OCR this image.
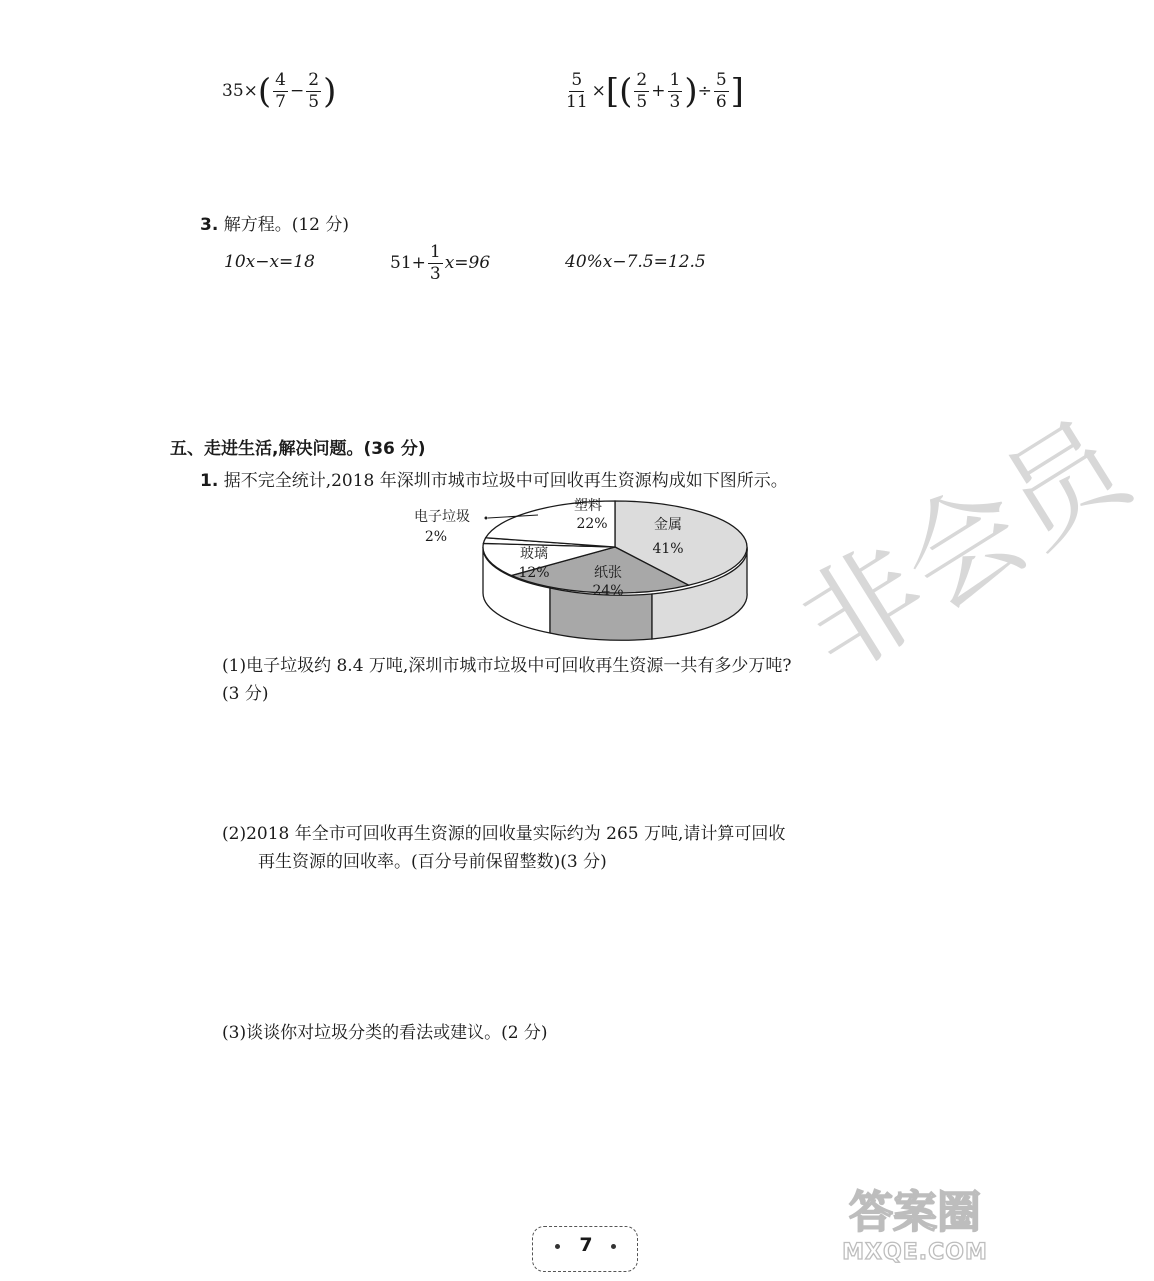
$35\times( \frac{4}{7} - \frac{2}{5}$ )	$\frac{5}{11}$ ×[( $\frac{2}{5} + \frac{1}{3}$ )÷ $\frac{5}{6}$ ]
3. 解方程。(12 分)
10x−x=18	$51+ \frac{1}{3} x=96$	40%x−7.5=12.5
五、走进生活,解决问题。(36 分)
1. 据不完全统计,2018 年深圳市城市垃圾中可回收再生资源构成如下图所示。
金属
41%
塑料
22%
玻璃
12%	纸张
24%
电子垃圾
2%
(1)电子垃圾约 8.4 万吨,深圳市城市垃圾中可回收再生资源一共有多少万吨?
(3 分)
(2)2018 年全市可回收再生资源的回收量实际约为 265 万吨,请计算可回收
再生资源的回收率。(百分号前保留整数)(3 分)
(3)谈谈你对垃圾分类的看法或建议。(2 分)
非会员
答案圈
MXQE.COM
7
